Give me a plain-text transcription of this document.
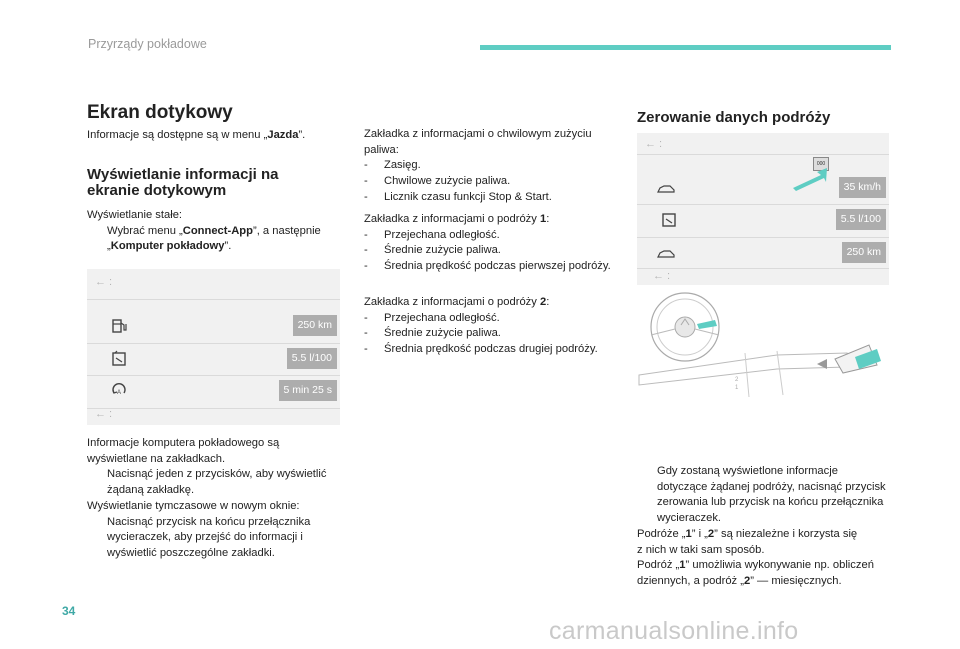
Przyrządy pokładowe
Ekran dotykowy
Informacje są dostępne są w menu „Jazda”.
Wyświetlanie informacji na
ekranie dotykowym
Wyświetlanie stałe:
Wybrać menu „Connect-App”, a następnie „Komputer pokładowy”.
← :
250 km
5.5 l/100
A	5 min 25 s
← :
Informacje komputera pokładowego są
wyświetlane na zakładkach.
Nacisnąć jeden z przycisków, aby wyświetlić żądaną zakładkę.
Wyświetlanie tymczasowe w nowym oknie:
Nacisnąć przycisk na końcu przełącznika wycieraczek, aby przejść do informacji i wyświetlić poszczególne zakładki.
Zakładka z informacjami o chwilowym zużyciu paliwa:
- Zasięg.
- Chwilowe zużycie paliwa.
- Licznik czasu funkcji Stop & Start.
Zakładka z informacjami o podróży 1:
- Przejechana odległość.
- Średnie zużycie paliwa.
- Średnia prędkość podczas pierwszej podróży.
Zakładka z informacjami o podróży 2:
- Przejechana odległość.
- Średnie zużycie paliwa.
- Średnia prędkość podczas drugiej podróży.
Zerowanie danych podróży
← :
000
35 km/h
5.5 l/100
250 km
← :
2
1
Gdy zostaną wyświetlone informacje dotyczące żądanej podróży, nacisnąć przycisk zerowania lub przycisk na końcu przełącznika wycieraczek.
Podróże „1” i „2” są niezależne i korzysta się
z nich w taki sam sposób.
Podróż „1” umożliwia wykonywanie np. obliczeń
dziennych, a podróż „2” — miesięcznych.
34
carmanualsonline.info
